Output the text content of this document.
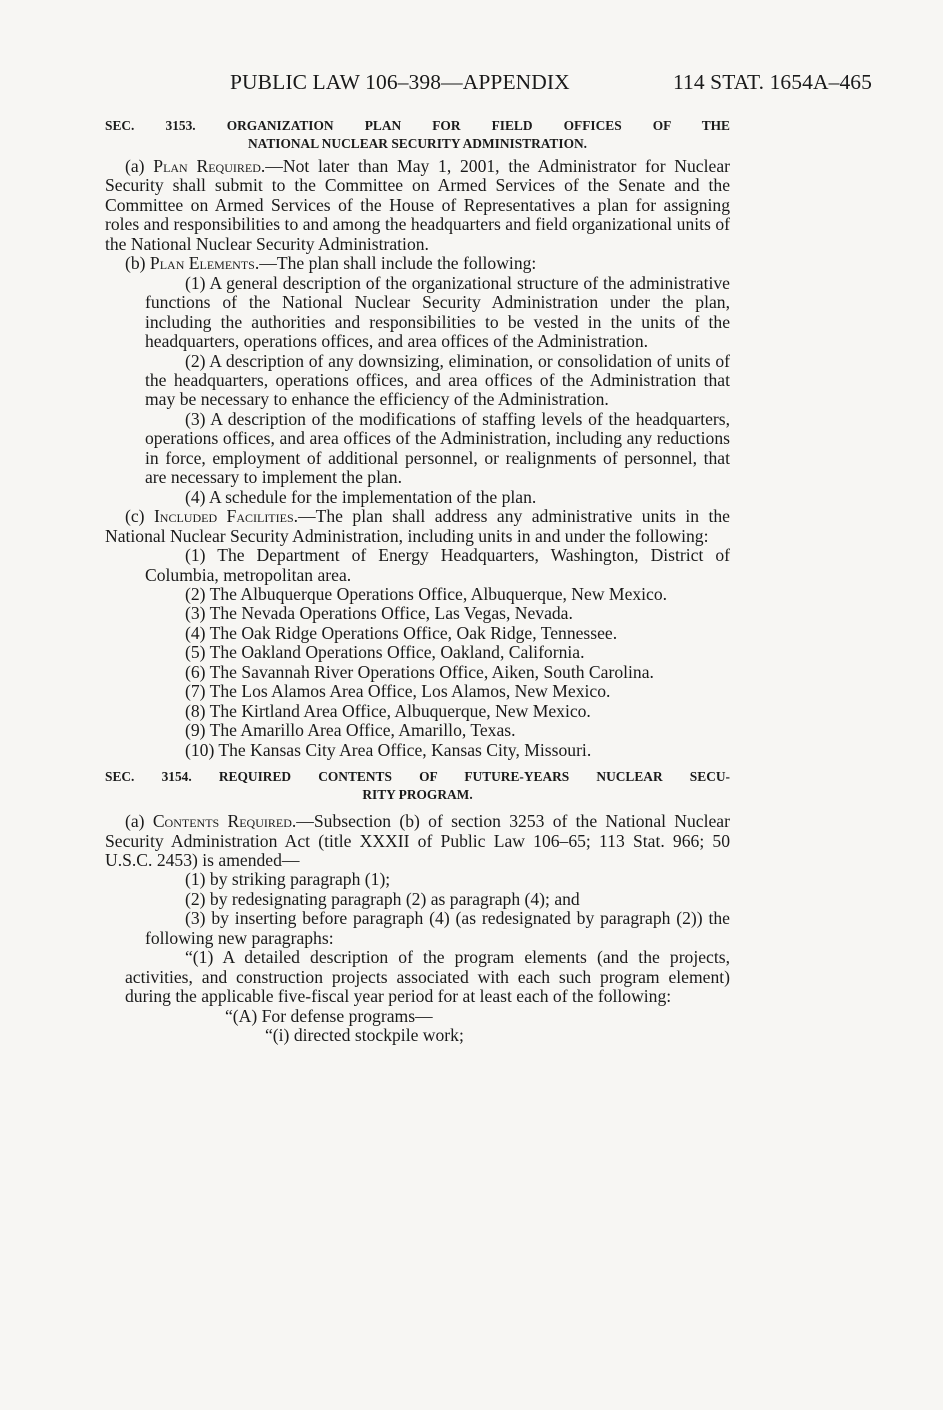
PUBLIC LAW 106–398—APPENDIX	114 STAT. 1654A–465
SEC. 3153. ORGANIZATION PLAN FOR FIELD OFFICES OF THE
NATIONAL NUCLEAR SECURITY ADMINISTRATION.

(a) Plan Required.—Not later than May 1, 2001, the Administrator for Nuclear Security shall submit to the Committee on Armed Services of the Senate and the Committee on Armed Services of the House of Representatives a plan for assigning roles and responsibilities to and among the headquarters and field organizational units of the National Nuclear Security Administration.

(b) Plan Elements.—The plan shall include the following:

(1) A general description of the organizational structure of the administrative functions of the National Nuclear Security Administration under the plan, including the authorities and responsibilities to be vested in the units of the headquarters, operations offices, and area offices of the Administration.

(2) A description of any downsizing, elimination, or consolidation of units of the headquarters, operations offices, and area offices of the Administration that may be necessary to enhance the efficiency of the Administration.

(3) A description of the modifications of staffing levels of the headquarters, operations offices, and area offices of the Administration, including any reductions in force, employment of additional personnel, or realignments of personnel, that are necessary to implement the plan.

(4) A schedule for the implementation of the plan.

(c) Included Facilities.—The plan shall address any administrative units in the National Nuclear Security Administration, including units in and under the following:

(1) The Department of Energy Headquarters, Washington, District of Columbia, metropolitan area.

(2) The Albuquerque Operations Office, Albuquerque, New Mexico.

(3) The Nevada Operations Office, Las Vegas, Nevada.

(4) The Oak Ridge Operations Office, Oak Ridge, Tennessee.

(5) The Oakland Operations Office, Oakland, California.

(6) The Savannah River Operations Office, Aiken, South Carolina.

(7) The Los Alamos Area Office, Los Alamos, New Mexico.

(8) The Kirtland Area Office, Albuquerque, New Mexico.

(9) The Amarillo Area Office, Amarillo, Texas.

(10) The Kansas City Area Office, Kansas City, Missouri.

SEC. 3154. REQUIRED CONTENTS OF FUTURE-YEARS NUCLEAR SECU-
RITY PROGRAM.

(a) Contents Required.—Subsection (b) of section 3253 of the National Nuclear Security Administration Act (title XXXII of Public Law 106–65; 113 Stat. 966; 50 U.S.C. 2453) is amended—

(1) by striking paragraph (1);

(2) by redesignating paragraph (2) as paragraph (4); and

(3) by inserting before paragraph (4) (as redesignated by paragraph (2)) the following new paragraphs:

“(1) A detailed description of the program elements (and the projects, activities, and construction projects associated with each such program element) during the applicable five-fiscal year period for at least each of the following:

“(A) For defense programs—

“(i) directed stockpile work;
